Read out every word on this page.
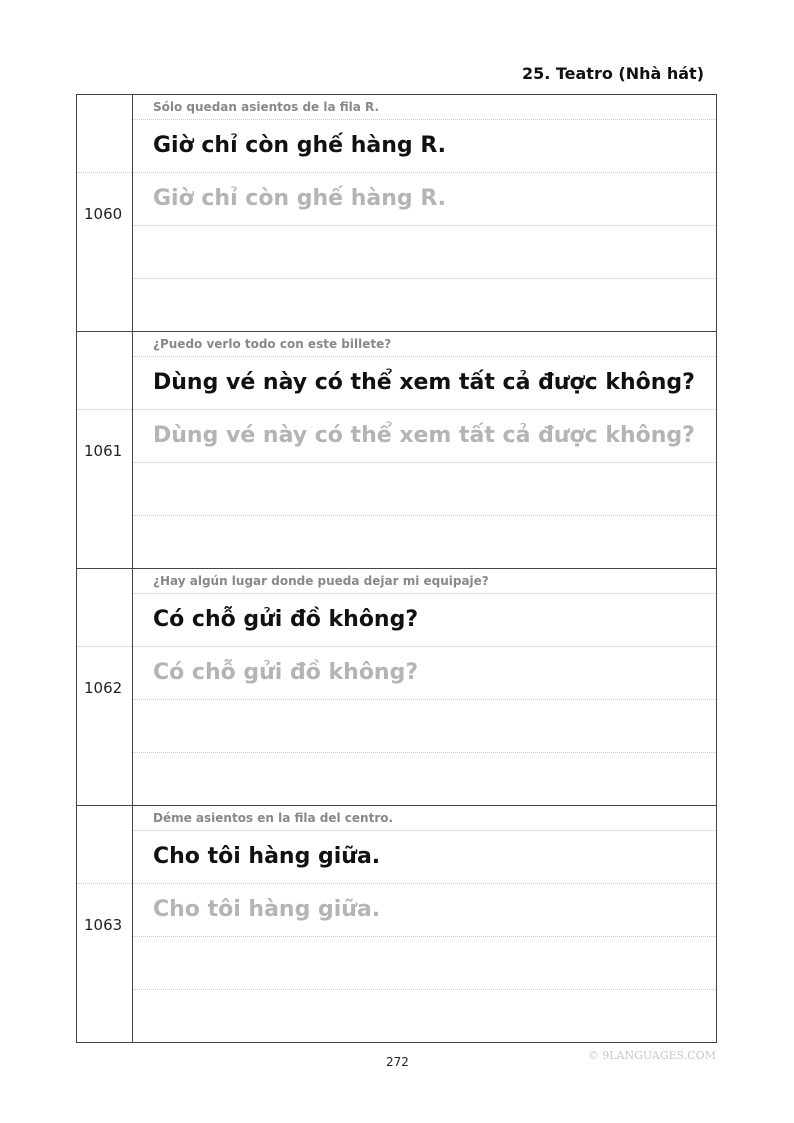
25. Teatro (Nhà hát)
1060
Sólo quedan asientos de la fila R.
Giờ chỉ còn ghế hàng R.
Giờ chỉ còn ghế hàng R.
1061
¿Puedo verlo todo con este billete?
Dùng vé này có thể xem tất cả được không?
Dùng vé này có thể xem tất cả được không?
1062
¿Hay algún lugar donde pueda dejar mi equipaje?
Có chỗ gửi đồ không?
Có chỗ gửi đồ không?
1063
Déme asientos en la fila del centro.
Cho tôi hàng giữa.
Cho tôi hàng giữa.
272	© 9LANGUAGES.COM
